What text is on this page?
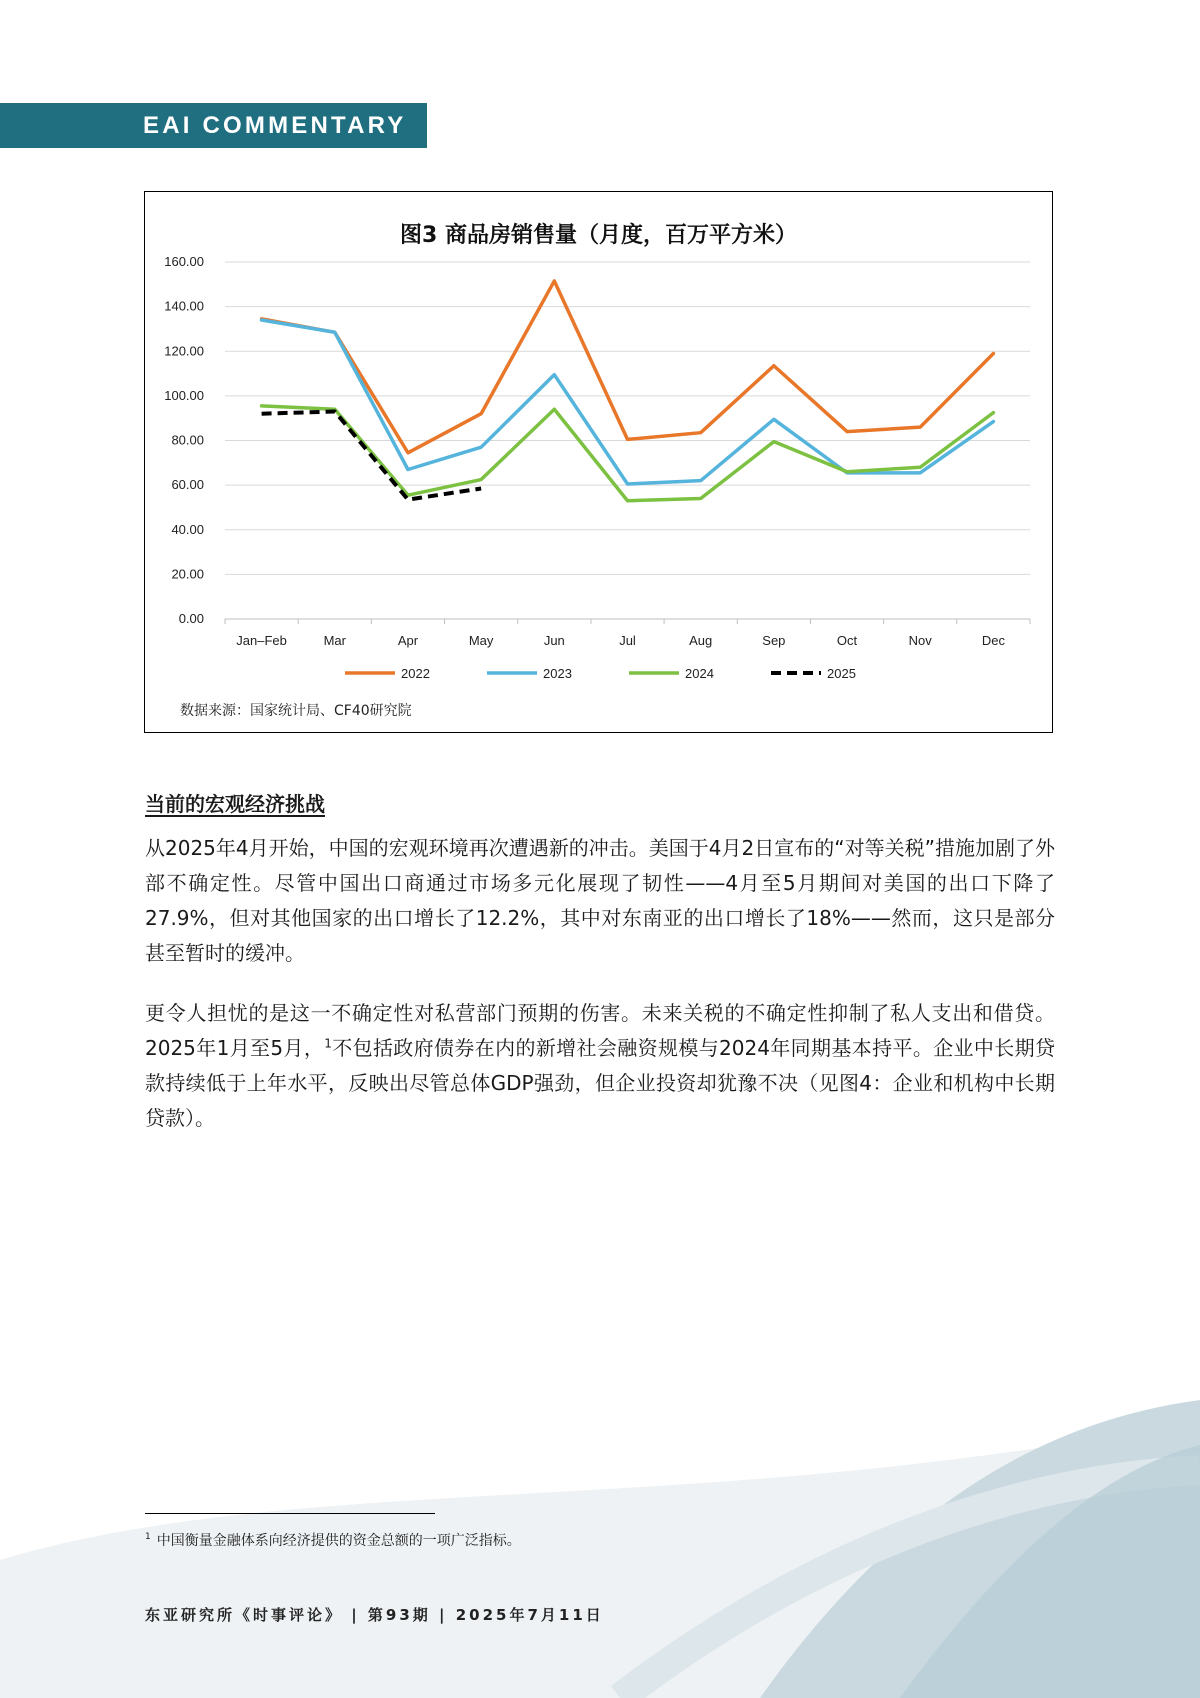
EAI COMMENTARY
图3 商品房销售量（月度，百万平方米）
160.00
140.00
120.00
100.00
80.00
60.00
40.00
20.00
0.00
Jan–Feb	Mar	Apr	May	Jun	Jul	Aug	Sep	Oct	Nov	Dec
2022	2023	2024	2025
数据来源：国家统计局、CF40研究院
当前的宏观经济挑战

从2025年4月开始，中国的宏观环境再次遭遇新的冲击。美国于4月2日宣布的“对等关税”措施加剧了外部不确定性。尽管中国出口商通过市场多元化展现了韧性——4月至5月期间对美国的出口下降了27.9%，但对其他国家的出口增长了12.2%，其中对东南亚的出口增长了18%——然而，这只是部分甚至暂时的缓冲。

更令人担忧的是这一不确定性对私营部门预期的伤害。未来关税的不确定性抑制了私人支出和借贷。2025年1月至5月，$^1$不包括政府债券在内的新增社会融资规模与2024年同期基本持平。企业中长期贷款持续低于上年水平，反映出尽管总体GDP强劲，但企业投资却犹豫不决（见图4：企业和机构中长期贷款）。

$^1$ 中国衡量金融体系向经济提供的资金总额的一项广泛指标。
东亚研究所《时事评论》 | 第93期 | 2025年7月11日
